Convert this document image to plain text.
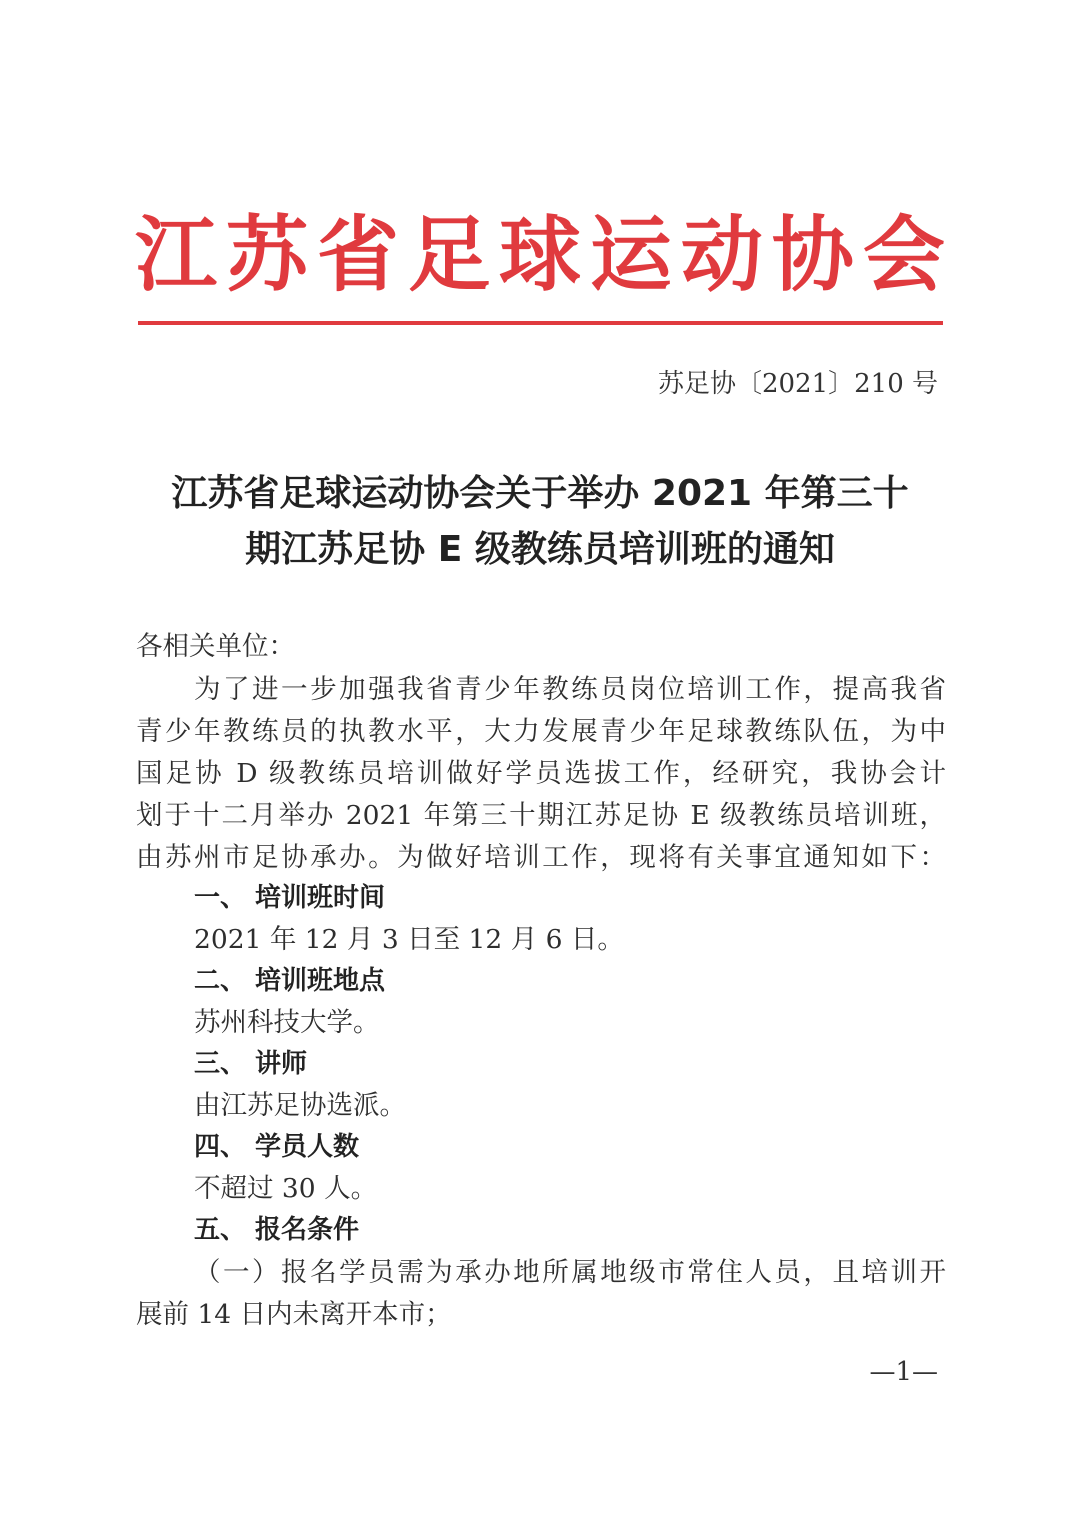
江 苏 省 足 球 运 动 协 会
苏足协〔2021〕210 号
江苏省足球运动协会关于举办 2021 年第三十
期江苏足协 E 级教练员培训班的通知
各相关单位：
为了进一步加强我省青少年教练员岗位培训工作，提高我省
青少年教练员的执教水平，大力发展青少年足球教练队伍，为中
国足协 D 级教练员培训做好学员选拔工作，经研究，我协会计
划于十二月举办 2021 年第三十期江苏足协 E 级教练员培训班，
由苏州市足协承办。为做好培训工作，现将有关事宜通知如下：
一、 培训班时间
2021 年 12 月 3 日至 12 月 6 日。
二、 培训班地点
苏州科技大学。
三、 讲师
由江苏足协选派。
四、 学员人数
不超过 30 人。
五、 报名条件
（一）报名学员需为承办地所属地级市常住人员，且培训开
展前 14 日内未离开本市；
—1—
